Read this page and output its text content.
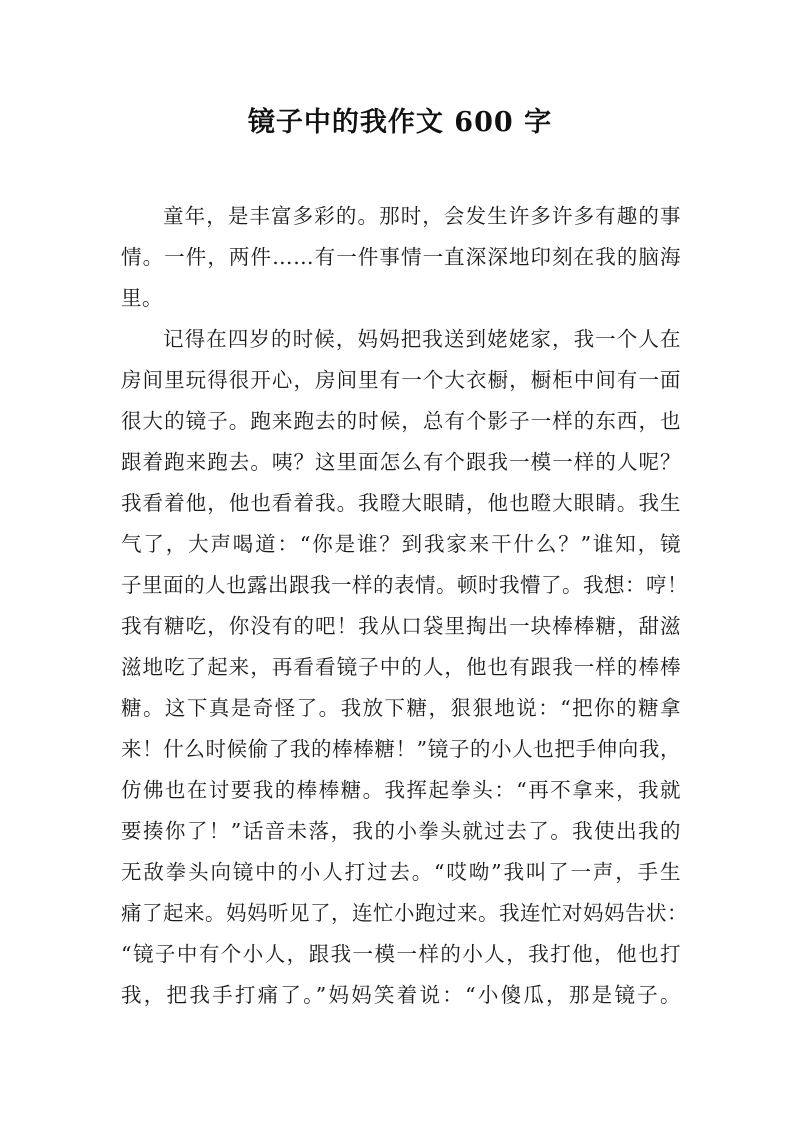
镜子中的我作文 600 字
童年，是丰富多彩的。那时，会发生许多许多有趣的事
情。一件，两件……有一件事情一直深深地印刻在我的脑海
里。
记得在四岁的时候，妈妈把我送到姥姥家，我一个人在
房间里玩得很开心，房间里有一个大衣橱，橱柜中间有一面
很大的镜子。跑来跑去的时候，总有个影子一样的东西，也
跟着跑来跑去。咦？这里面怎么有个跟我一模一样的人呢？
我看着他，他也看着我。我瞪大眼睛，他也瞪大眼睛。我生
气了，大声喝道：“你是谁？到我家来干什么？”谁知，镜
子里面的人也露出跟我一样的表情。顿时我懵了。我想：哼！
我有糖吃，你没有的吧！我从口袋里掏出一块棒棒糖，甜滋
滋地吃了起来，再看看镜子中的人，他也有跟我一样的棒棒
糖。这下真是奇怪了。我放下糖，狠狠地说：“把你的糖拿
来！什么时候偷了我的棒棒糖！”镜子的小人也把手伸向我，
仿佛也在讨要我的棒棒糖。我挥起拳头：“再不拿来，我就
要揍你了！”话音未落，我的小拳头就过去了。我使出我的
无敌拳头向镜中的小人打过去。“哎呦”我叫了一声，手生
痛了起来。妈妈听见了，连忙小跑过来。我连忙对妈妈告状：
“镜子中有个小人，跟我一模一样的小人，我打他，他也打
我，把我手打痛了。”妈妈笑着说：“小傻瓜，那是镜子。
